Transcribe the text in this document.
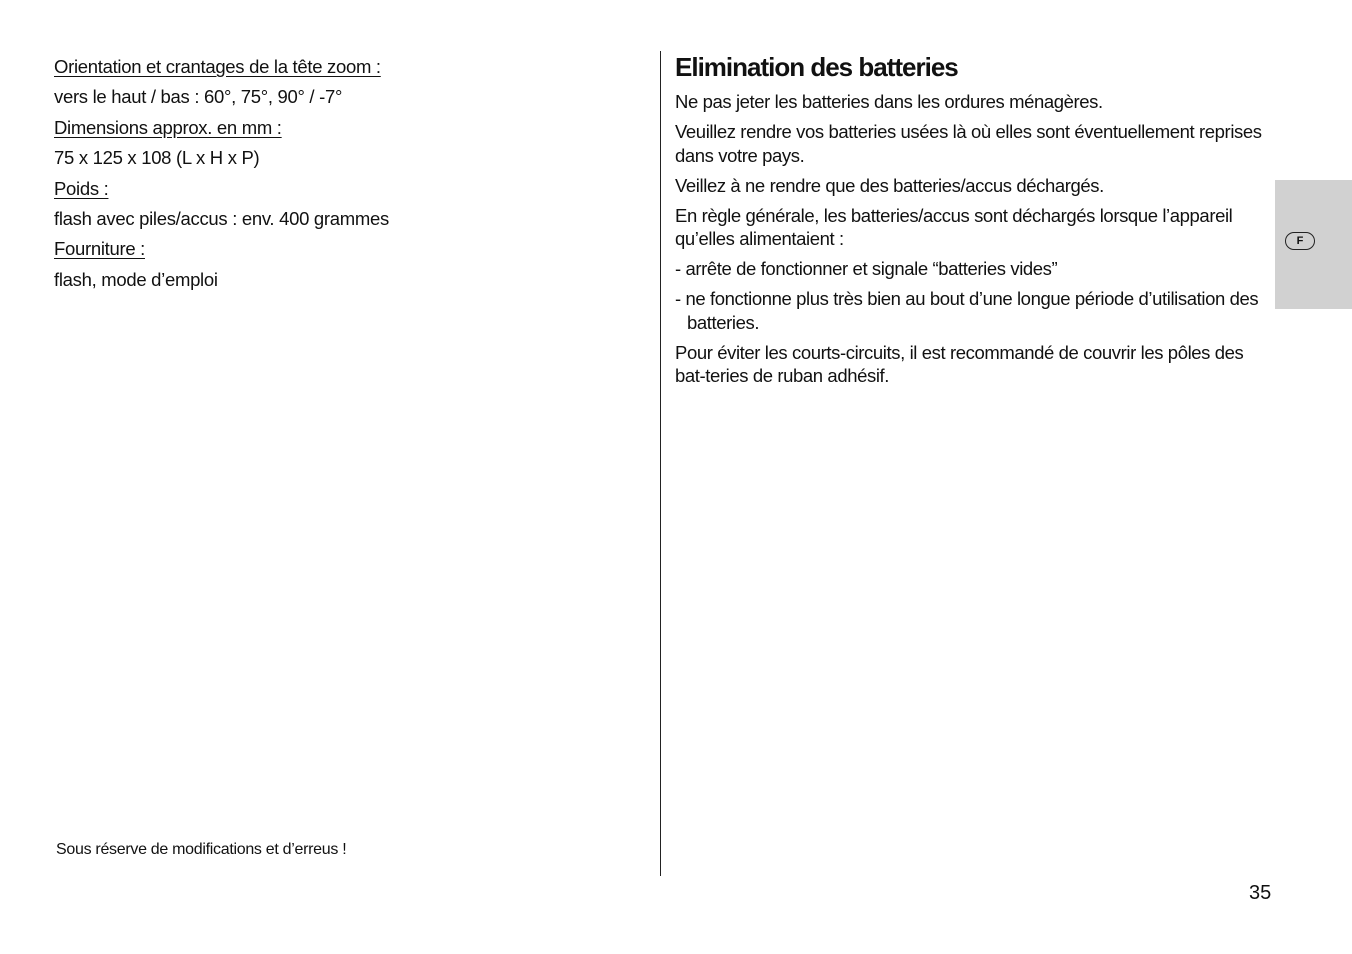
Orientation et crantages de la tête zoom :

vers le haut / bas : 60°, 75°, 90° / -7°

Dimensions approx. en mm :

75 x 125 x 108 (L x H x P)

Poids :

flash avec piles/accus : env. 400 grammes

Fourniture :

flash, mode d’emploi

Sous réserve de modifications et d’erreus !

Elimination des batteries

Ne pas jeter les batteries dans les ordures ménagères.

Veuillez rendre vos batteries usées là où elles sont éventuellement reprises dans votre pays.

Veillez à ne rendre que des batteries/accus déchargés.

En règle générale, les batteries/accus sont déchargés lorsque l’appareil qu’elles alimentaient :

- arrête de fonctionner et signale “batteries vides”

- ne fonctionne plus très bien au bout d’une longue période d’utilisation des batteries.

Pour éviter les courts-circuits, il est recommandé de couvrir les pôles des bat-teries de ruban adhésif.

F

35
